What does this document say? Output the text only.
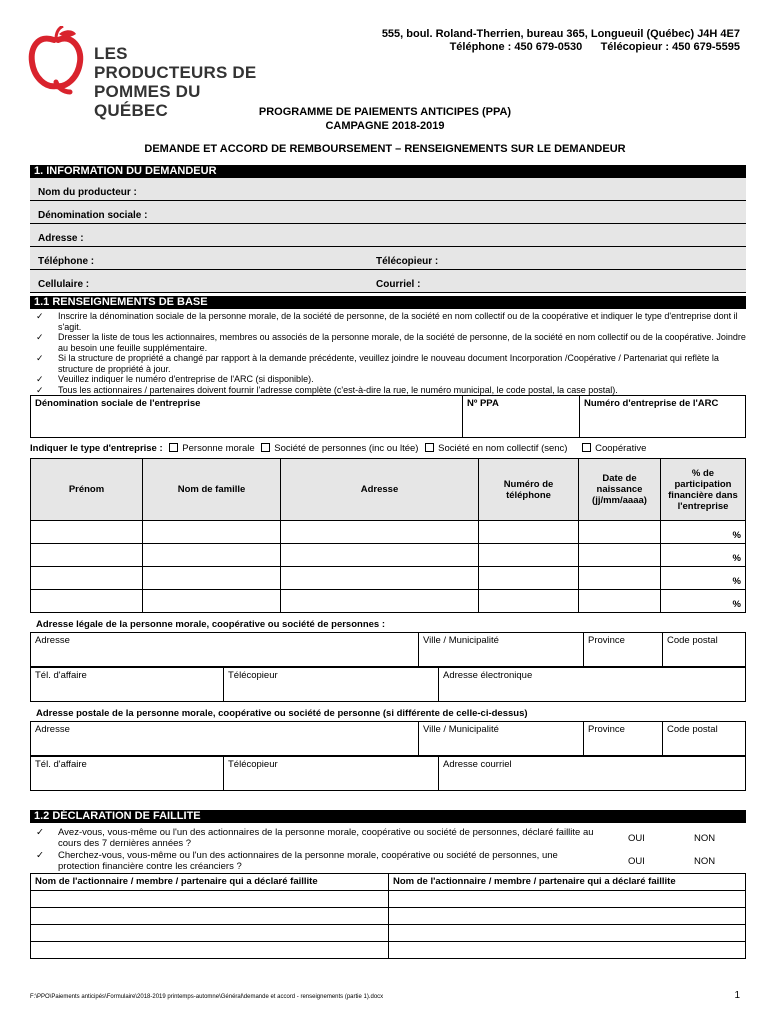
LES PRODUCTEURS DE
POMMES DU QUÉBEC
555, boul. Roland-Therrien, bureau 365, Longueuil (Québec) J4H 4E7
Téléphone : 450 679-0530      Télécopieur : 450 679-5595
PROGRAMME DE PAIEMENTS ANTICIPES (PPA)
CAMPAGNE 2018-2019
DEMANDE ET ACCORD DE REMBOURSEMENT – RENSEIGNEMENTS SUR LE DEMANDEUR
1. INFORMATION DU DEMANDEUR
Nom du producteur :
Dénomination sociale :
Adresse :
Téléphone :	Télécopieur :
Cellulaire :	Courriel :
1.1 RENSEIGNEMENTS DE BASE
✓ Inscrire la dénomination sociale de la personne morale, de la société de personne, de la société en nom collectif ou de la coopérative et indiquer le type d'entreprise dont il s'agit.
✓ Dresser la liste de tous les actionnaires, membres ou associés de la personne morale, de la société de personne, de la société en nom collectif ou de la coopérative. Joindre au besoin une feuille supplémentaire.
✓ Si la structure de propriété a changé par rapport à la demande précédente, veuillez joindre le nouveau document Incorporation /Coopérative / Partenariat qui reflète la structure de propriété à jour.
✓ Veuillez indiquer le numéro d'entreprise de l'ARC (si disponible).
✓ Tous les actionnaires / partenaires doivent fournir l'adresse complète (c'est-à-dire la rue, le numéro municipal, le code postal, la case postal).
Dénomination sociale de l'entreprise	Nº PPA	Numéro d'entreprise de l'ARC
Indiquer le type d'entreprise : Personne morale Société de personnes (inc ou ltée) Société en nom collectif (senc)	Coopérative
Prénom	Nom de famille	Adresse	Numéro de téléphone	Date de naissance (jj/mm/aaaa)	% de participation financière dans l'entreprise
					%
					%
					%
					%
Adresse légale de la personne morale, coopérative ou société de personnes :
Adresse	Ville / Municipalité	Province	Code postal
Tél. d'affaire	Télécopieur	Adresse électronique
Adresse postale de la personne morale, coopérative ou société de personne (si différente de celle-ci-dessus)
Adresse	Ville / Municipalité	Province	Code postal
Tél. d'affaire	Télécopieur	Adresse courriel
1.2 DÉCLARATION DE FAILLITE
✓ Avez-vous, vous-même ou l'un des actionnaires de la personne morale, coopérative ou société de personnes, déclaré faillite au cours des 7 dernières années ?	OUI	NON
✓ Cherchez-vous, vous-même ou l'un des actionnaires de la personne morale, coopérative ou société de personnes, une protection financière contre les créanciers ?	OUI	NON
Nom de l'actionnaire / membre / partenaire qui a déclaré faillite	Nom de l'actionnaire / membre / partenaire qui a déclaré faillite

F:\PPO\Paiements anticipés\Formulaire\2018-2019 printemps-automne\Général\demande et accord - renseignements (partie 1).docx	1
